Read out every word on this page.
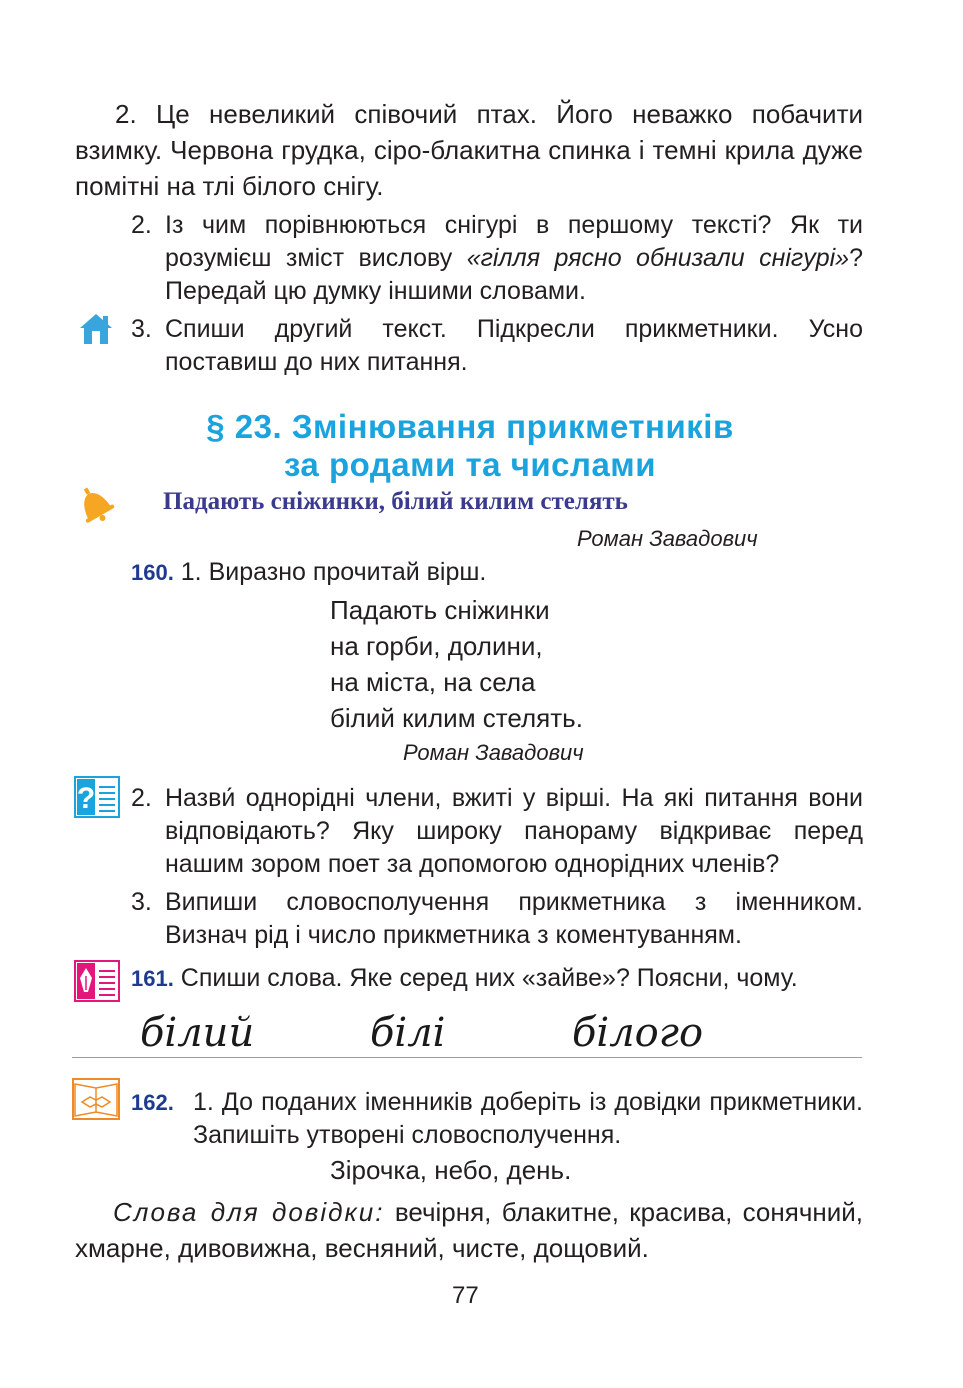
2. Це невеликий співочий птах. Його неважко побачити взимку. Червона грудка, сіро-блакитна спинка і темні крила дуже помітні на тлі білого снігу.
2. Із чим порівнюються снігурі в першому тексті? Як ти розумієш зміст вислову «гілля рясно обнизали снігурі»? Передай цю думку іншими словами.
3. Спиши другий текст. Підкресли прикметники. Усно поставиш до них питання.
§ 23. Змінювання прикметників
за родами та числами
Падають сніжинки, білий килим стелять
Роман Завадович
160. 1. Виразно прочитай вірш.
Падають сніжинки
на горби, долини,
на міста, на села
білий килим стелять.
Роман Завадович
? 2. Назви́ однорідні члени, вжиті у вірші. На які питання вони відповідають? Яку широку панораму відкриває перед нашим зором поет за допомогою однорідних членів?
3. Випиши словосполучення прикметника з іменником. Визнач рід і число прикметника з коментуванням.
161. Спиши слова. Яке серед них «зайве»? Поясни, чому.
білий	білі	білого
162. 1. До поданих іменників доберіть із довідки прикметники. Запишіть утворені словосполучення.
Зірочка, небо, день.
Слова для довідки: вечірня, блакитне, красива, сонячний, хмарне, дивовижна, весняний, чисте, дощовий.
77
